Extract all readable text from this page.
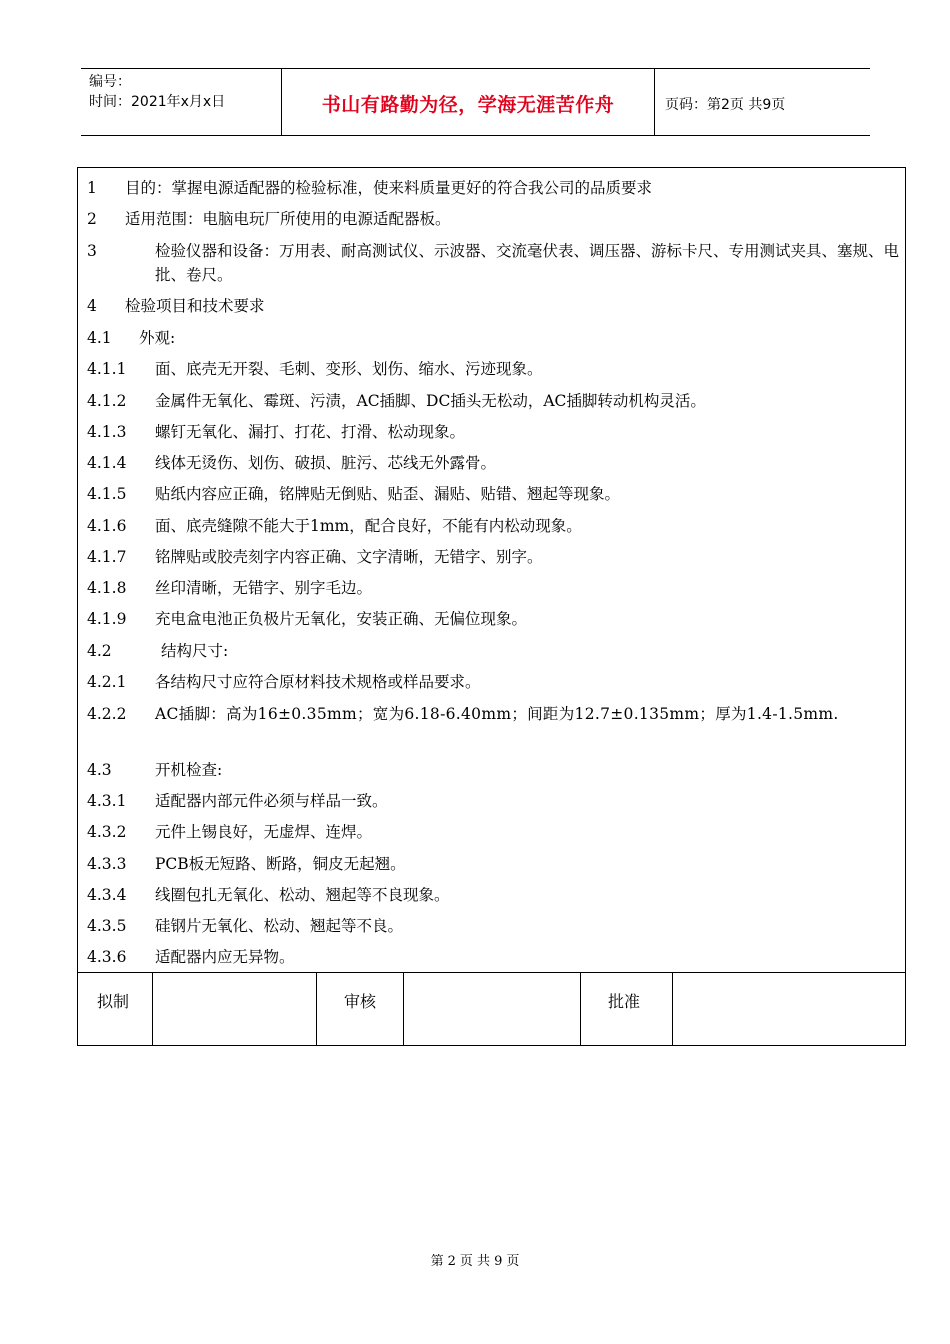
编号：
时间：2021年x月x日	书山有路勤为径，学海无涯苦作舟	页码：第2页 共9页
1 目的：掌握电源适配器的检验标准，使来料质量更好的符合我公司的品质要求
2 适用范围：电脑电玩厂所使用的电源适配器板。
3	检验仪器和设备：万用表、耐高测试仪、示波器、交流毫伏表、调压器、游标卡尺、专用测试夹具、塞规、电批、卷尺。
4 检验项目和技术要求
4.1 外观:
4.1.1 面、底壳无开裂、毛刺、变形、划伤、缩水、污迹现象。
4.1.2 金属件无氧化、霉斑、污渍，AC插脚、DC插头无松动，AC插脚转动机构灵活。
4.1.3 螺钉无氧化、漏打、打花、打滑、松动现象。
4.1.4 线体无烫伤、划伤、破损、脏污、芯线无外露骨。
4.1.5 贴纸内容应正确，铭牌贴无倒贴、贴歪、漏贴、贴错、翘起等现象。
4.1.6 面、底壳缝隙不能大于1mm，配合良好，不能有内松动现象。
4.1.7 铭牌贴或胶壳刻字内容正确、文字清晰，无错字、别字。
4.1.8 丝印清晰，无错字、别字毛边。
4.1.9 充电盒电池正负极片无氧化，安装正确、无偏位现象。
4.2	结构尺寸:
4.2.1 各结构尺寸应符合原材料技术规格或样品要求。
4.2.2 AC插脚：高为16±0.35mm；宽为6.18-6.40mm；间距为12.7±0.135mm；厚为1.4-1.5mm.
4.3	开机检查:
4.3.1 适配器内部元件必须与样品一致。
4.3.2 元件上锡良好，无虚焊、连焊。
4.3.3 PCB板无短路、断路，铜皮无起翘。
4.3.4 线圈包扎无氧化、松动、翘起等不良现象。
4.3.5 硅钢片无氧化、松动、翘起等不良。
4.3.6 适配器内应无异物。
拟制	审核	批准
第 2 页 共 9 页
